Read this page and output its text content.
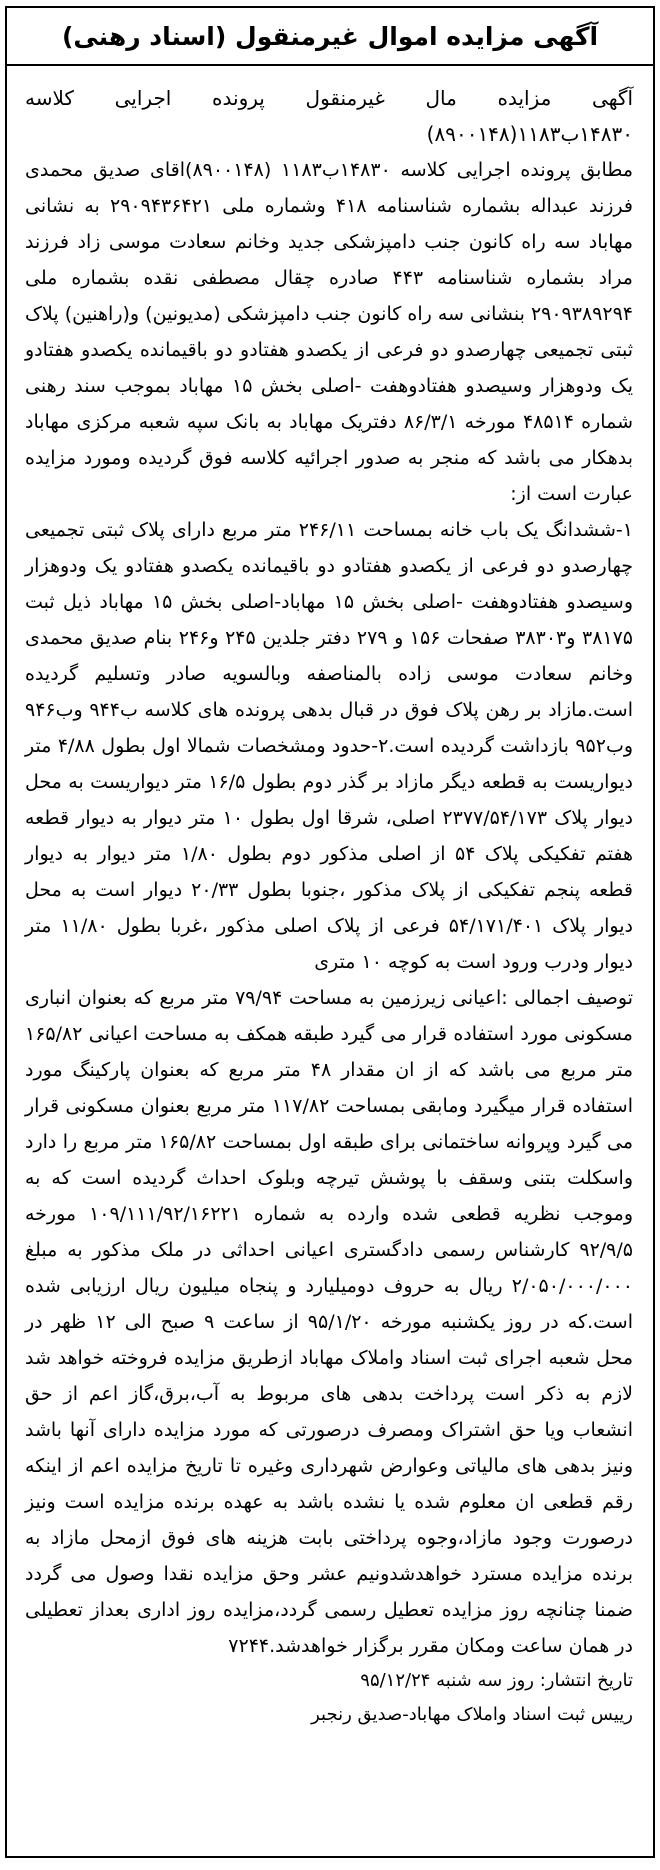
آگهی مزایده اموال غیرمنقول (اسناد رهنی)

آگهی مزایده مال غیرمنقول پرونده اجرایی کلاسه ۱۴۸۳۰ب۱۱۸۳(۸۹۰۰۱۴۸)

مطابق پرونده اجرایی کلاسه ۱۴۸۳۰ب۱۱۸۳ (۸۹۰۰۱۴۸)اقای صدیق محمدی فرزند عبداله بشماره شناسنامه ۴۱۸ وشماره ملی ۲۹۰۹۴۳۶۴۲۱ به نشانی مهاباد سه راه کانون جنب دامپزشکی جدید وخانم سعادت موسی زاد فرزند مراد بشماره شناسنامه ۴۴۳ صادره چقال مصطفی نقده بشماره ملی ۲۹۰۹۳۸۹۲۹۴ بنشانی سه راه کانون جنب دامپزشکی (مدیونین) و(راهنین) پلاک ثبتی تجمیعی چهارصدو دو فرعی از یکصدو هفتادو دو باقیمانده یکصدو هفتادو یک ودوهزار وسیصدو هفتادوهفت -اصلی بخش ۱۵ مهاباد بموجب سند رهنی شماره ۴۸۵۱۴ مورخه ۸۶/۳/۱ دفتریک مهاباد به بانک سپه شعبه مرکزی مهاباد بدهکار می باشد که منجر به صدور اجرائیه کلاسه فوق گردیده ومورد مزایده عبارت است از:

۱-ششدانگ یک باب خانه بمساحت ۲۴۶/۱۱ متر مربع دارای پلاک ثبتی تجمیعی چهارصدو دو فرعی از یکصدو هفتادو دو باقیمانده یکصدو هفتادو یک ودوهزار وسیصدو هفتادوهفت -اصلی بخش ۱۵ مهاباد-اصلی بخش ۱۵ مهاباد ذیل ثبت ۳۸۱۷۵ و۳۸۳۰۳ صفحات ۱۵۶ و ۲۷۹ دفتر جلدین ۲۴۵ و۲۴۶ بنام صدیق محمدی وخانم سعادت موسی زاده بالمناصفه وبالسویه صادر وتسلیم گردیده است.مازاد بر رهن پلاک فوق در قبال بدهی پرونده های کلاسه ب۹۴۴ وب۹۴۶ وب۹۵۲ بازداشت گردیده است.۲-حدود ومشخصات شمالا اول بطول ۴/۸۸ متر دیواریست به قطعه دیگر مازاد بر گذر دوم بطول ۱۶/۵ متر دیواریست به محل دیوار پلاک ۲۳۷۷/۵۴/۱۷۳ اصلی، شرقا اول بطول ۱۰ متر دیوار به دیوار قطعه هفتم تفکیکی پلاک ۵۴ از اصلی مذکور دوم بطول ۱/۸۰ متر دیوار به دیوار قطعه پنجم تفکیکی از پلاک مذکور ،جنوبا بطول ۲۰/۳۳ دیوار است به محل دیوار پلاک ۵۴/۱۷۱/۴۰۱ فرعی از پلاک اصلی مذکور ،غربا بطول ۱۱/۸۰ متر دیوار ودرب ورود است به کوچه ۱۰ متری

توصیف اجمالی :اعیانی زیرزمین به مساحت ۷۹/۹۴ متر مربع که بعنوان انباری مسکونی مورد استفاده قرار می گیرد طبقه همکف به مساحت اعیانی ۱۶۵/۸۲ متر مربع می باشد که از ان مقدار ۴۸ متر مربع که بعنوان پارکینگ مورد استفاده قرار میگیرد ومابقی بمساحت ۱۱۷/۸۲ متر مربع بعنوان مسکونی قرار می گیرد وپروانه ساختمانی برای طبقه اول بمساحت ۱۶۵/۸۲ متر مربع را دارد واسکلت بتنی وسقف با پوشش تیرچه وبلوک احداث گردیده است که به وموجب نظریه قطعی شده وارده به شماره ۱۰۹/۱۱۱/۹۲/۱۶۲۲۱ مورخه ۹۲/۹/۵ کارشناس رسمی دادگستری اعیانی احداثی در ملک مذکور به مبلغ ۲/۰۵۰/۰۰۰/۰۰۰ ریال به حروف دومیلیارد و پنجاه میلیون ریال ارزیابی شده است.که در روز یکشنبه مورخه ۹۵/۱/۲۰ از ساعت ۹ صبح الی ۱۲ ظهر در محل شعبه اجرای ثبت اسناد واملاک مهاباد ازطریق مزایده فروخته خواهد شد لازم به ذکر است پرداخت بدهی های مربوط به آب،برق،گاز اعم از حق انشعاب ویا حق اشتراک ومصرف درصورتی که مورد مزایده دارای آنها باشد ونیز بدهی های مالیاتی وعوارض شهرداری وغیره تا تاریخ مزایده اعم از اینکه رقم قطعی ان معلوم شده یا نشده باشد به عهده برنده مزایده است ونیز درصورت وجود مازاد،وجوه پرداختی بابت هزینه های فوق ازمحل مازاد به برنده مزایده مسترد خواهدشدونیم عشر وحق مزایده نقدا وصول می گردد ضمنا چنانچه روز مزایده تعطیل رسمی گردد،مزایده روز اداری بعداز تعطیلی در همان ساعت ومکان مقرر برگزار خواهدشد.۷۲۴۴

تاریخ انتشار: روز سه شنبه ۹۵/۱۲/۲۴

رییس ثبت اسناد واملاک مهاباد-صدیق رنجبر
